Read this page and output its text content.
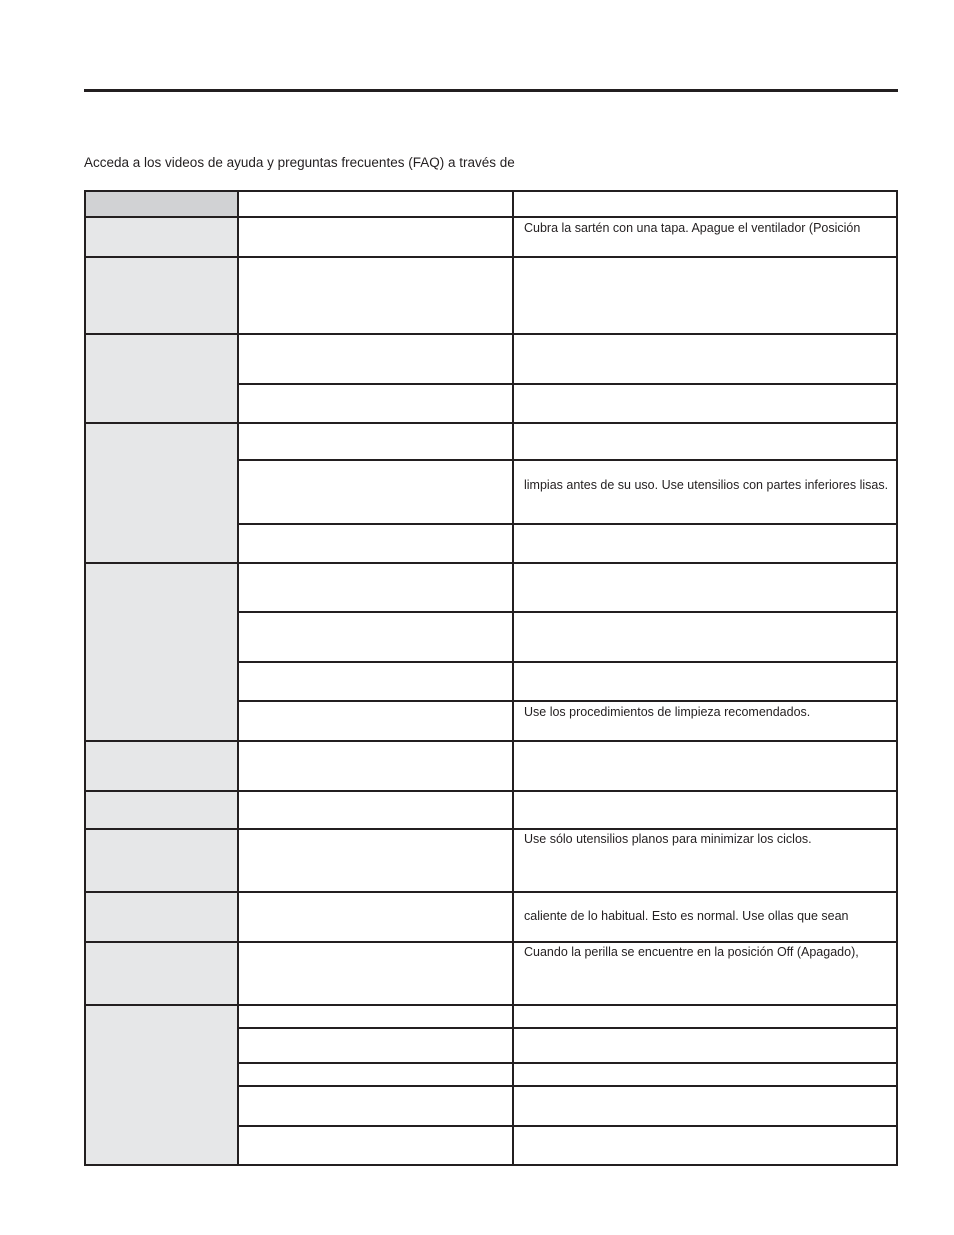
Acceda a los videos de ayuda y preguntas frecuentes (FAQ) a través de
Cubra la sartén con una tapa. Apague el ventilador (Posición
limpias antes de su uso. Use utensilios con partes inferiores lisas.
Use los procedimientos de limpieza recomendados.
Use sólo utensilios planos para minimizar los ciclos.
caliente de lo habitual. Esto es normal. Use ollas que sean
Cuando la perilla se encuentre en la posición Off (Apagado),
